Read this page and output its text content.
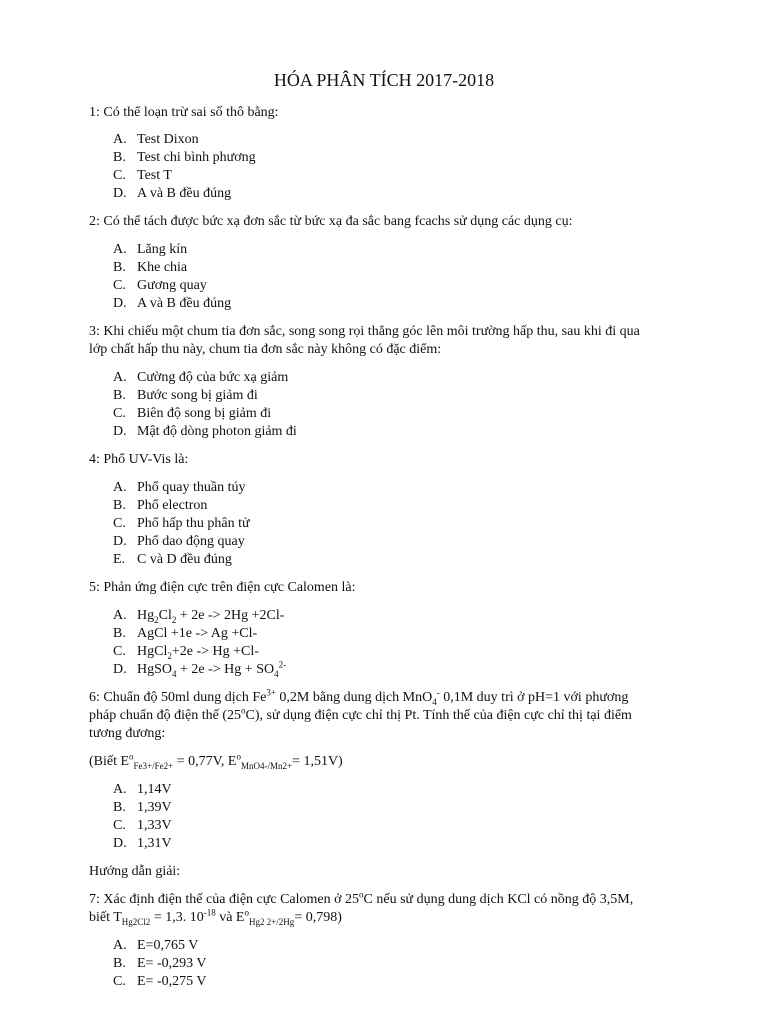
HÓA PHÂN TÍCH 2017-2018
1: Có thể loạn trừ sai số thô bằng:
A. Test Dixon
B. Test chi bình phương
C. Test T
D. A và B đều đúng
2: Có thể tách được bức xạ đơn sắc từ bức xạ đa sắc bang fcachs sử dụng các dụng cụ:
A. Lăng kín
B. Khe chia
C. Gương quay
D. A và B đều đúng
3: Khi chiếu một chum tia đơn sắc, song song rọi thẳng góc lên môi trường hấp thu, sau khi đi qua
lớp chất hấp thu này, chum tia đơn sắc này không có đặc điểm:
A. Cường độ của bức xạ giảm
B. Bước song bị giảm đi
C. Biên độ song bị giảm đi
D. Mật độ dòng photon giảm đi
4: Phổ UV-Vis là:
A. Phổ quay thuần túy
B. Phổ electron
C. Phổ hấp thu phân tử
D. Phổ dao động quay
E. C và D đều đúng
5: Phản ứng điện cực trên điện cực Calomen là:
A. $Hg_2Cl_2 + 2e -> 2Hg +2Cl-$
B. AgCl +1e -> Ag +Cl-
C. HgCl$_2$+2e -> Hg +Cl-
D. HgSO$_4$ + $2e -> Hg + SO_4^{2-}$
6: Chuẩn độ 50ml dung dịch $Fe^{3+}$ 0,2M bằng dung dịch MnO$_4$- 0,1M duy trì ở pH=1 với phương
pháp chuẩn độ điện thế (25$^o$C), sử dụng điện cực chỉ thị Pt. Tính thế của điện cực chỉ thị tại điểm
tương đương:
(Biết $E^o_{Fe3+/Fe2+} = 0,77V$, $E^o_{MnO4-/Mn2+}= 1,51V$)
A. 1,14V
B. 1,39V
C. 1,33V
D. 1,31V
Hướng dẫn giải:
7: Xác định điện thế của điện cực Calomen ở 25$^o$C nếu sử dụng dung dịch KCl có nồng độ 3,5M,
biết $T_{Hg2Cl2} = 1,3$. $10^{-18}$ và $E^o_{Hg2 2+/2Hg}= 0,798$)
A. E=0,765 V
B. E= -0,293 V
C. E= -0,275 V
